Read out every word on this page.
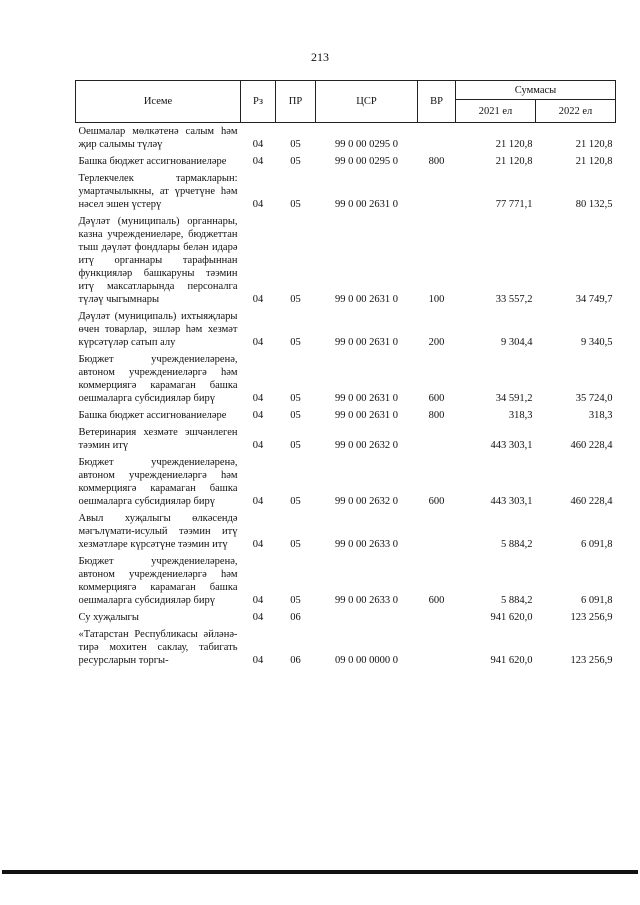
213
Исеме	Рз	ПР	ЦСР	ВР	Суммасы	
					2021 ел	2022 ел
Оешмалар мөлкәтенә салым һәм җир салымы түләү	04	05	99 0 00 0295 0		21 120,8	21 120,8
Башка бюджет ассигнованиеләре	04	05	99 0 00 0295 0	800	21 120,8	21 120,8
Терлекчелек тармакларын: умартачылыкны, ат үрчетүне һәм нәсел эшен үстерү	04	05	99 0 00 2631 0		77 771,1	80 132,5
Дәүләт (муниципаль) органнары, казна учреждениеләре, бюджеттан тыш дәүләт фондлары белән идарә итү органнары тарафыннан функцияләр башкаруны тәэмин итү максатларында персоналга түләү чыгымнары	04	05	99 0 00 2631 0	100	33 557,2	34 749,7
Дәүләт (муниципаль) ихтыяҗлары өчен товарлар, эшләр һәм хезмәт күрсәтүләр сатып алу	04	05	99 0 00 2631 0	200	9 304,4	9 340,5
Бюджет учреждениеләренә, автоном учреждениеләргә һәм коммерциягә карамаган башка оешмаларга субсидияләр бирү	04	05	99 0 00 2631 0	600	34 591,2	35 724,0
Башка бюджет ассигнованиеләре	04	05	99 0 00 2631 0	800	318,3	318,3
Ветеринария хезмәте эшчәнлеген тәэмин итү	04	05	99 0 00 2632 0		443 303,1	460 228,4
Бюджет учреждениеләренә, автоном учреждениеләргә һәм коммерциягә карамаган башка оешмаларга субсидияләр бирү	04	05	99 0 00 2632 0	600	443 303,1	460 228,4
Авыл хуҗалыгы өлкәсендә мәгълүмати-исулый тәэмин итү хезмәтләре күрсәтүне тәэмин итү	04	05	99 0 00 2633 0		5 884,2	6 091,8
Бюджет учреждениеләренә, автоном учреждениеләргә һәм коммерциягә карамаган башка оешмаларга субсидияләр бирү	04	05	99 0 00 2633 0	600	5 884,2	6 091,8
Су хуҗалыгы	04	06			941 620,0	123 256,9
«Татарстан Республикасы әйләнә-тирә мохитен саклау, табигать ресурсларын торгы-	04	06	09 0 00 0000 0		941 620,0	123 256,9
